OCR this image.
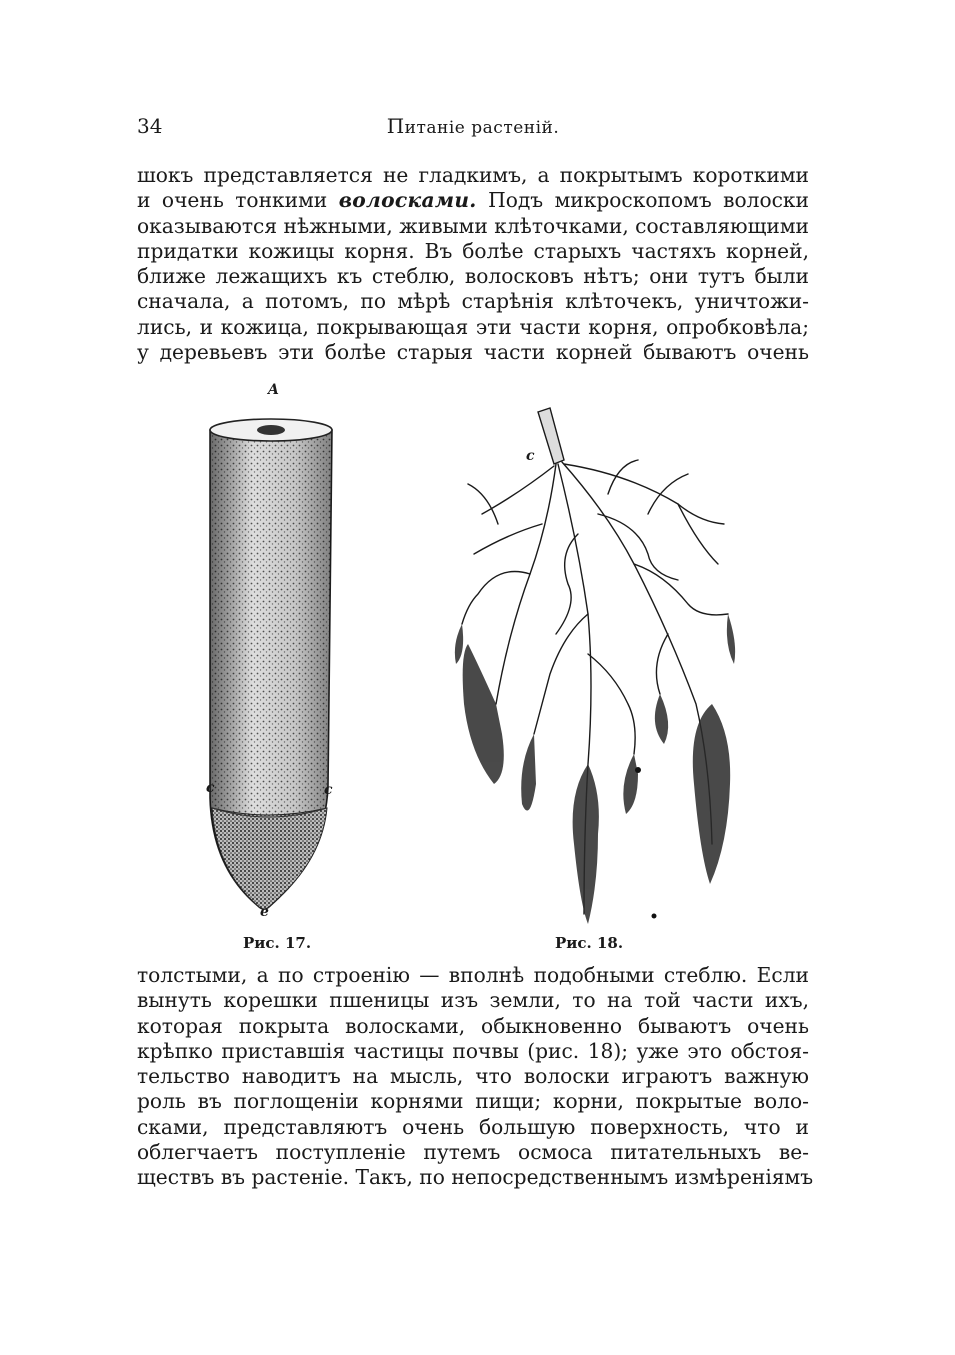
34	Питаніе растеній.
шокъ представляется не гладкимъ, а покрытымъ короткими
и очень тонкими волосками. Подъ микроскопомъ волоски
оказываются нѣжными, живыми клѣточками, составляющими
придатки кожицы корня. Въ болѣе старыхъ частяхъ корней,
ближе лежащихъ къ стеблю, волосковъ нѣтъ; они тутъ были
сначала, а потомъ, по мѣрѣ старѣнія клѣточекъ, уничтожи-
лись, и кожица, покрывающая эти части корня, опробковѣла;
у деревьевъ эти болѣе старыя части корней бываютъ очень
A
c	c
e
c
Рис. 17.	Рис. 18.
толстыми, а по строенію — вполнѣ подобными стеблю. Если
вынуть корешки пшеницы изъ земли, то на той части ихъ,
которая покрыта волосками, обыкновенно бываютъ очень
крѣпко приставшія частицы почвы (рис. 18); уже это обстоя-
тельство наводитъ на мысль, что волоски играютъ важную
роль въ поглощеніи корнями пищи; корни, покрытые воло-
сками, представляютъ очень большую поверхность, что и
облегчаетъ поступленіе путемъ осмоса питательныхъ ве-
ществъ въ растеніе. Такъ, по непосредственнымъ измѣреніямъ
